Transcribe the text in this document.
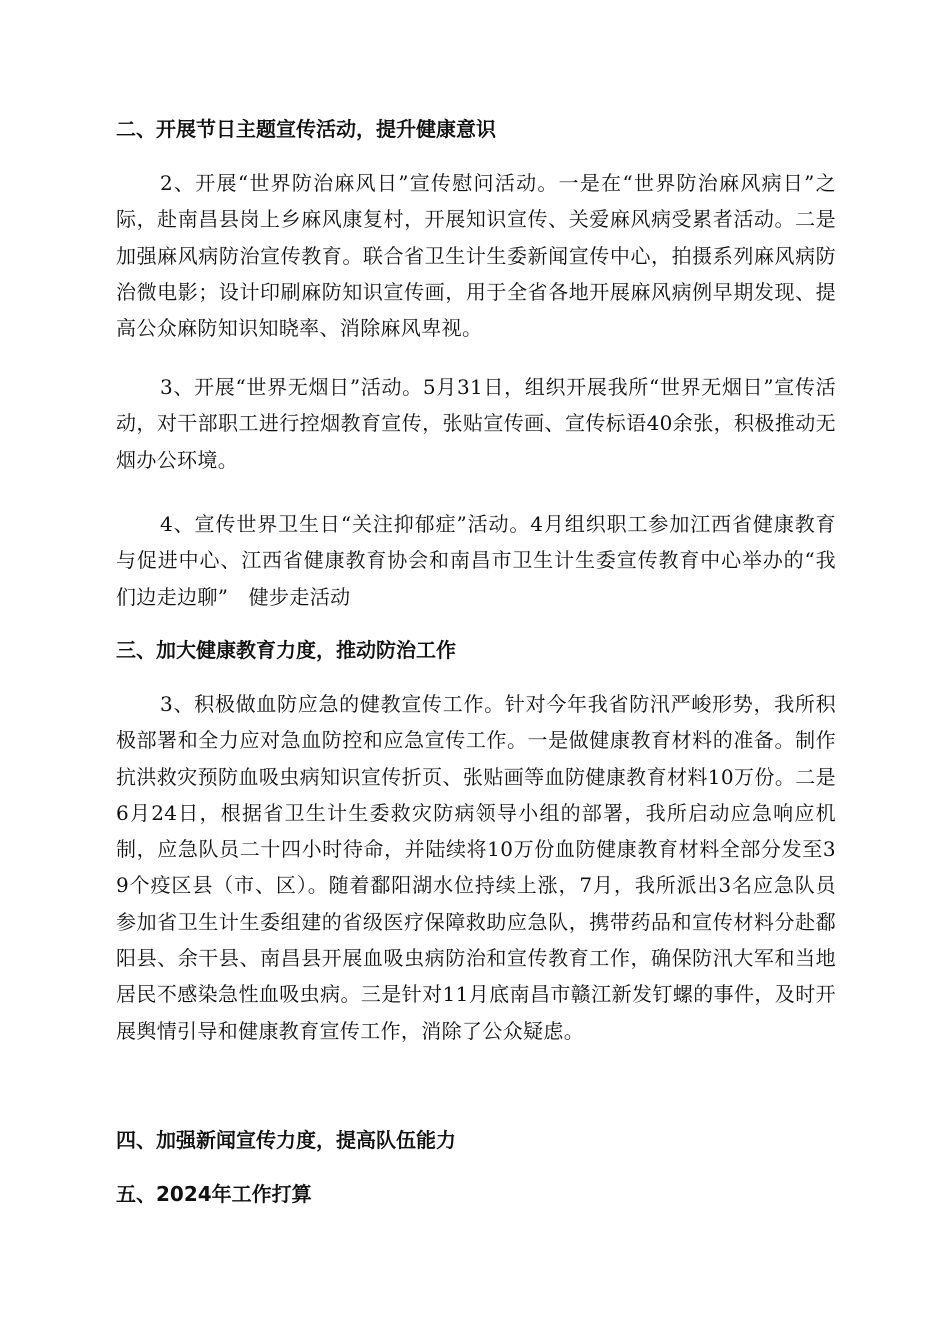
二、开展节日主题宣传活动，提升健康意识

2、开展“世界防治麻风日”宣传慰问活动。一是在“世界防治麻风病日”之际，赴南昌县岗上乡麻风康复村，开展知识宣传、关爱麻风病受累者活动。二是加强麻风病防治宣传教育。联合省卫生计生委新闻宣传中心，拍摄系列麻风病防治微电影；设计印刷麻防知识宣传画，用于全省各地开展麻风病例早期发现、提高公众麻防知识知晓率、消除麻风卑视。

3、开展“世界无烟日”活动。5月31日，组织开展我所“世界无烟日”宣传活动，对干部职工进行控烟教育宣传，张贴宣传画、宣传标语40余张，积极推动无烟办公环境。

4、宣传世界卫生日“关注抑郁症”活动。4月组织职工参加江西省健康教育与促进中心、江西省健康教育协会和南昌市卫生计生委宣传教育中心举办的“我们边走边聊”　健步走活动

三、加大健康教育力度，推动防治工作

3、积极做血防应急的健教宣传工作。针对今年我省防汛严峻形势，我所积极部署和全力应对急血防控和应急宣传工作。一是做健康教育材料的准备。制作抗洪救灾预防血吸虫病知识宣传折页、张贴画等血防健康教育材料10万份。二是6月24日，根据省卫生计生委救灾防病领导小组的部署，我所启动应急响应机制，应急队员二十四小时待命，并陆续将10万份血防健康教育材料全部分发至39个疫区县（市、区）。随着鄱阳湖水位持续上涨，7月，我所派出3名应急队员参加省卫生计生委组建的省级医疗保障救助应急队，携带药品和宣传材料分赴鄱阳县、余干县、南昌县开展血吸虫病防治和宣传教育工作，确保防汛大军和当地居民不感染急性血吸虫病。三是针对11月底南昌市赣江新发钉螺的事件，及时开展舆情引导和健康教育宣传工作，消除了公众疑虑。

四、加强新闻宣传力度，提高队伍能力
五、2024年工作打算
